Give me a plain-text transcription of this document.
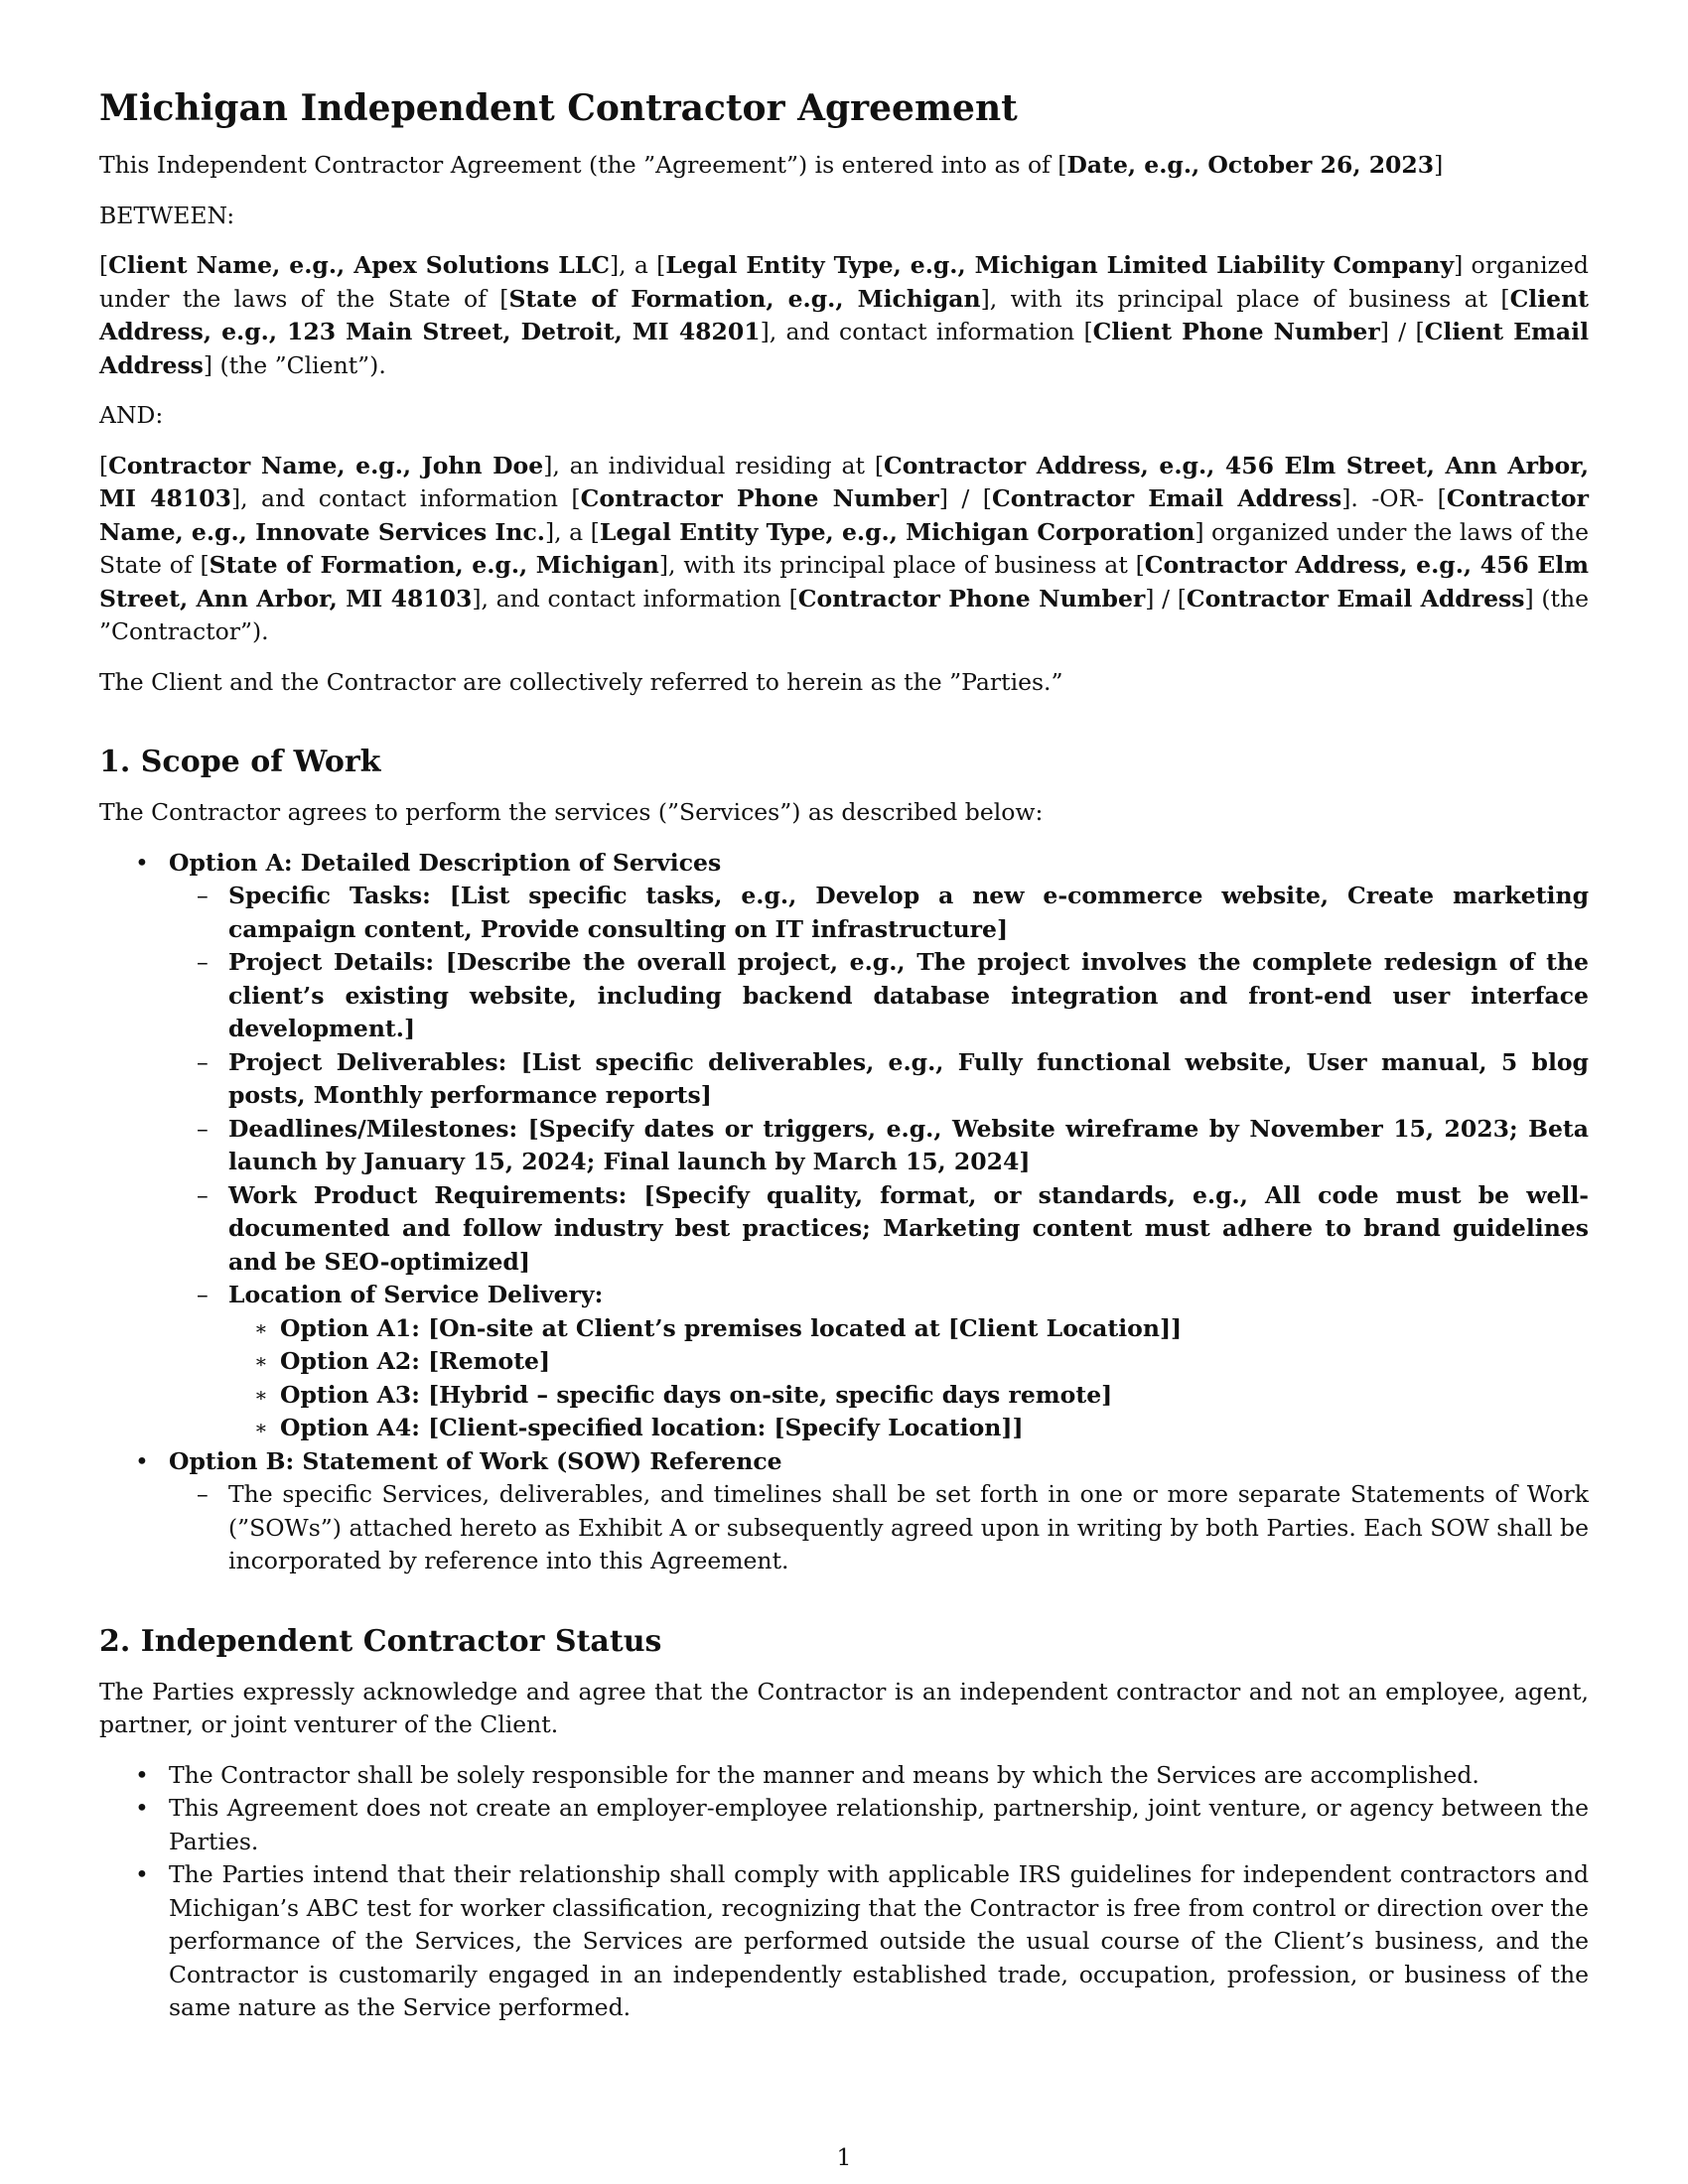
Michigan Independent Contractor Agreement

This Independent Contractor Agreement (the ”Agreement”) is entered into as of [Date, e.g., October 26, 2023]

BETWEEN:

[Client Name, e.g., Apex Solutions LLC], a [Legal Entity Type, e.g., Michigan Limited Liability Company] organized under the laws of the State of [State of Formation, e.g., Michigan], with its principal place of business at [Client Address, e.g., 123 Main Street, Detroit, MI 48201], and contact information [Client Phone Number] / [Client Email Address] (the ”Client”).

AND:

[Contractor Name, e.g., John Doe], an individual residing at [Contractor Address, e.g., 456 Elm Street, Ann Arbor, MI 48103], and contact information [Contractor Phone Number] / [Contractor Email Address]. -OR- [Contractor Name, e.g., Innovate Services Inc.], a [Legal Entity Type, e.g., Michigan Corporation] organized under the laws of the State of [State of Formation, e.g., Michigan], with its principal place of business at [Contractor Address, e.g., 456 Elm Street, Ann Arbor, MI 48103], and contact information [Contractor Phone Number] / [Contractor Email Address] (the ”Contractor”).

The Client and the Contractor are collectively referred to herein as the ”Parties.”

1. Scope of Work

The Contractor agrees to perform the services (”Services”) as described below:

• Option A: Detailed Description of Services
– Specific Tasks: [List specific tasks, e.g., Develop a new e-commerce website, Create marketing campaign content, Provide consulting on IT infrastructure]
– Project Details: [Describe the overall project, e.g., The project involves the complete redesign of the client’s existing website, including backend database integration and front-end user interface development.]
– Project Deliverables: [List specific deliverables, e.g., Fully functional website, User manual, 5 blog posts, Monthly performance reports]
– Deadlines/Milestones: [Specify dates or triggers, e.g., Website wireframe by November 15, 2023; Beta launch by January 15, 2024; Final launch by March 15, 2024]
– Work Product Requirements: [Specify quality, format, or standards, e.g., All code must be well-documented and follow industry best practices; Marketing content must adhere to brand guidelines and be SEO-optimized]
– Location of Service Delivery:
∗ Option A1: [On-site at Client’s premises located at [Client Location]]
∗ Option A2: [Remote]
∗ Option A3: [Hybrid – specific days on-site, specific days remote]
∗ Option A4: [Client-specified location: [Specify Location]]
• Option B: Statement of Work (SOW) Reference
– The specific Services, deliverables, and timelines shall be set forth in one or more separate Statements of Work (”SOWs”) attached hereto as Exhibit A or subsequently agreed upon in writing by both Parties. Each SOW shall be incorporated by reference into this Agreement.
2. Independent Contractor Status

The Parties expressly acknowledge and agree that the Contractor is an independent contractor and not an employee, agent, partner, or joint venturer of the Client.

• The Contractor shall be solely responsible for the manner and means by which the Services are accomplished.
• This Agreement does not create an employer-employee relationship, partnership, joint venture, or agency between the Parties.
• The Parties intend that their relationship shall comply with applicable IRS guidelines for independent contractors and Michigan’s ABC test for worker classification, recognizing that the Contractor is free from control or direction over the performance of the Services, the Services are performed outside the usual course of the Client’s business, and the Contractor is customarily engaged in an independently established trade, occupation, profession, or business of the same nature as the Service performed.
1
